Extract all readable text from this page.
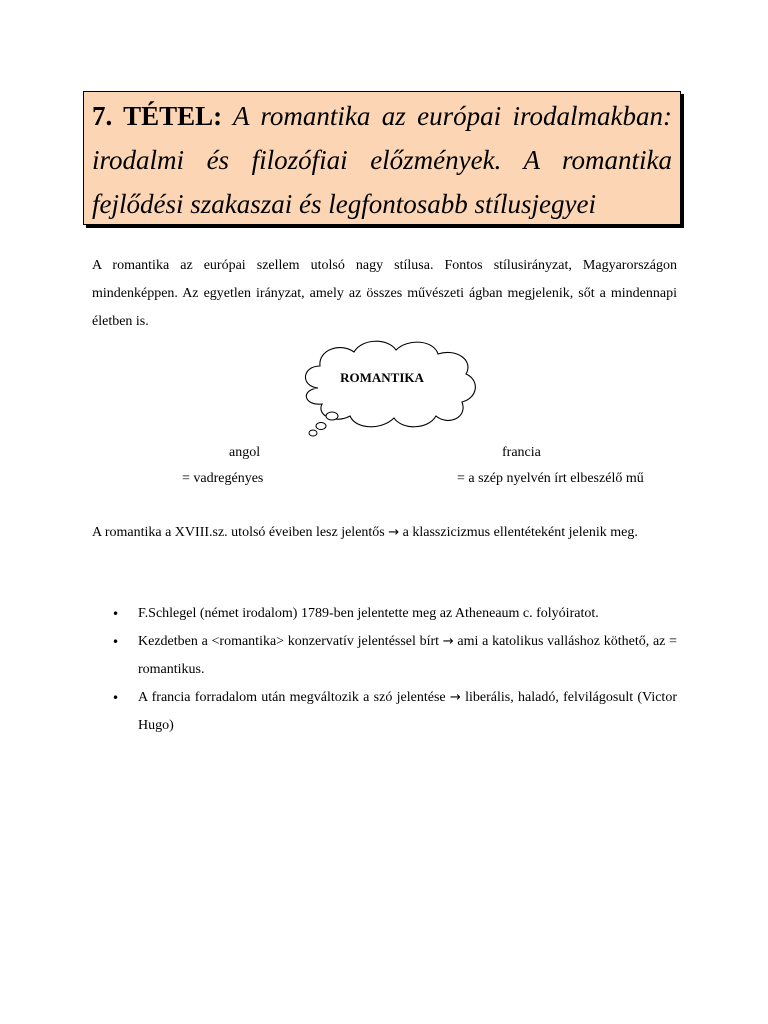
7. TÉTEL: A romantika az európai irodalmakban: irodalmi és filozófiai előzmények. A romantika fejlődési szakaszai és legfontosabb stílusjegyei
A romantika az európai szellem utolsó nagy stílusa. Fontos stílusirányzat, Magyarországon mindenképpen. Az egyetlen irányzat, amely az összes művészeti ágban megjelenik, sőt a mindennapi életben is.
ROMANTIKA
angol	francia
= vadregényes	= a szép nyelvén írt elbeszélő mű
A romantika a XVIII.sz. utolsó éveiben lesz jelentős → a klasszicizmus ellentéteként jelenik meg.
• F.Schlegel (német irodalom) 1789-ben jelentette meg az Atheneaum c. folyóiratot.
• Kezdetben a <romantika> konzervatív jelentéssel bírt → ami a katolikus valláshoz köthető, az = romantikus.
• A francia forradalom után megváltozik a szó jelentése → liberális, haladó, felvilágosult (Victor Hugo)
